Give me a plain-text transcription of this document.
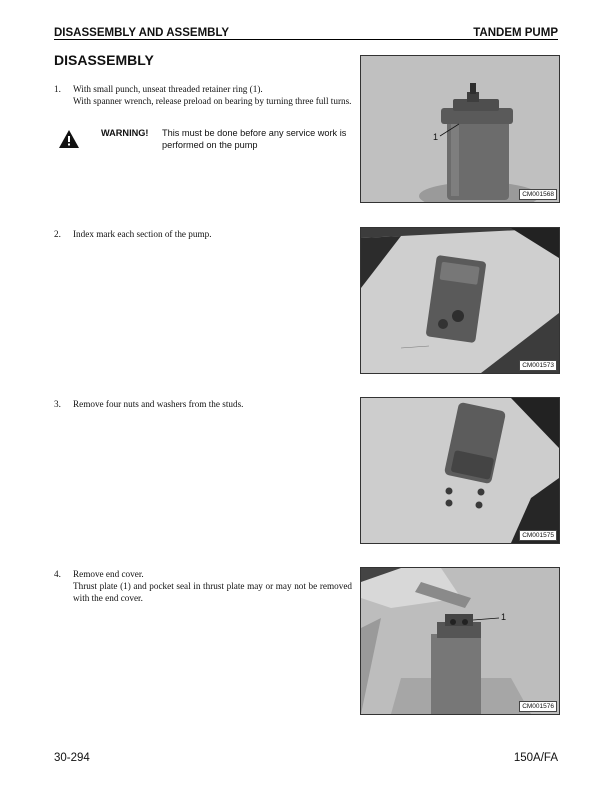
DISASSEMBLY AND ASSEMBLY	TANDEM PUMP
DISASSEMBLY
1. With small punch, unseat threaded retainer ring (1).

With spanner wrench, release preload on bearing by turning three full turns.

WARNING! This must be done before any service work is performed on the pump
2. Index mark each section of the pump.

3. Remove four nuts and washers from the studs.

4. Remove end cover.

Thrust plate (1) and pocket seal in thrust plate may or may not be removed with the end cover.

1
CM001568
CM001573
CM001575
1
CM001576
30-294	150A/FA
